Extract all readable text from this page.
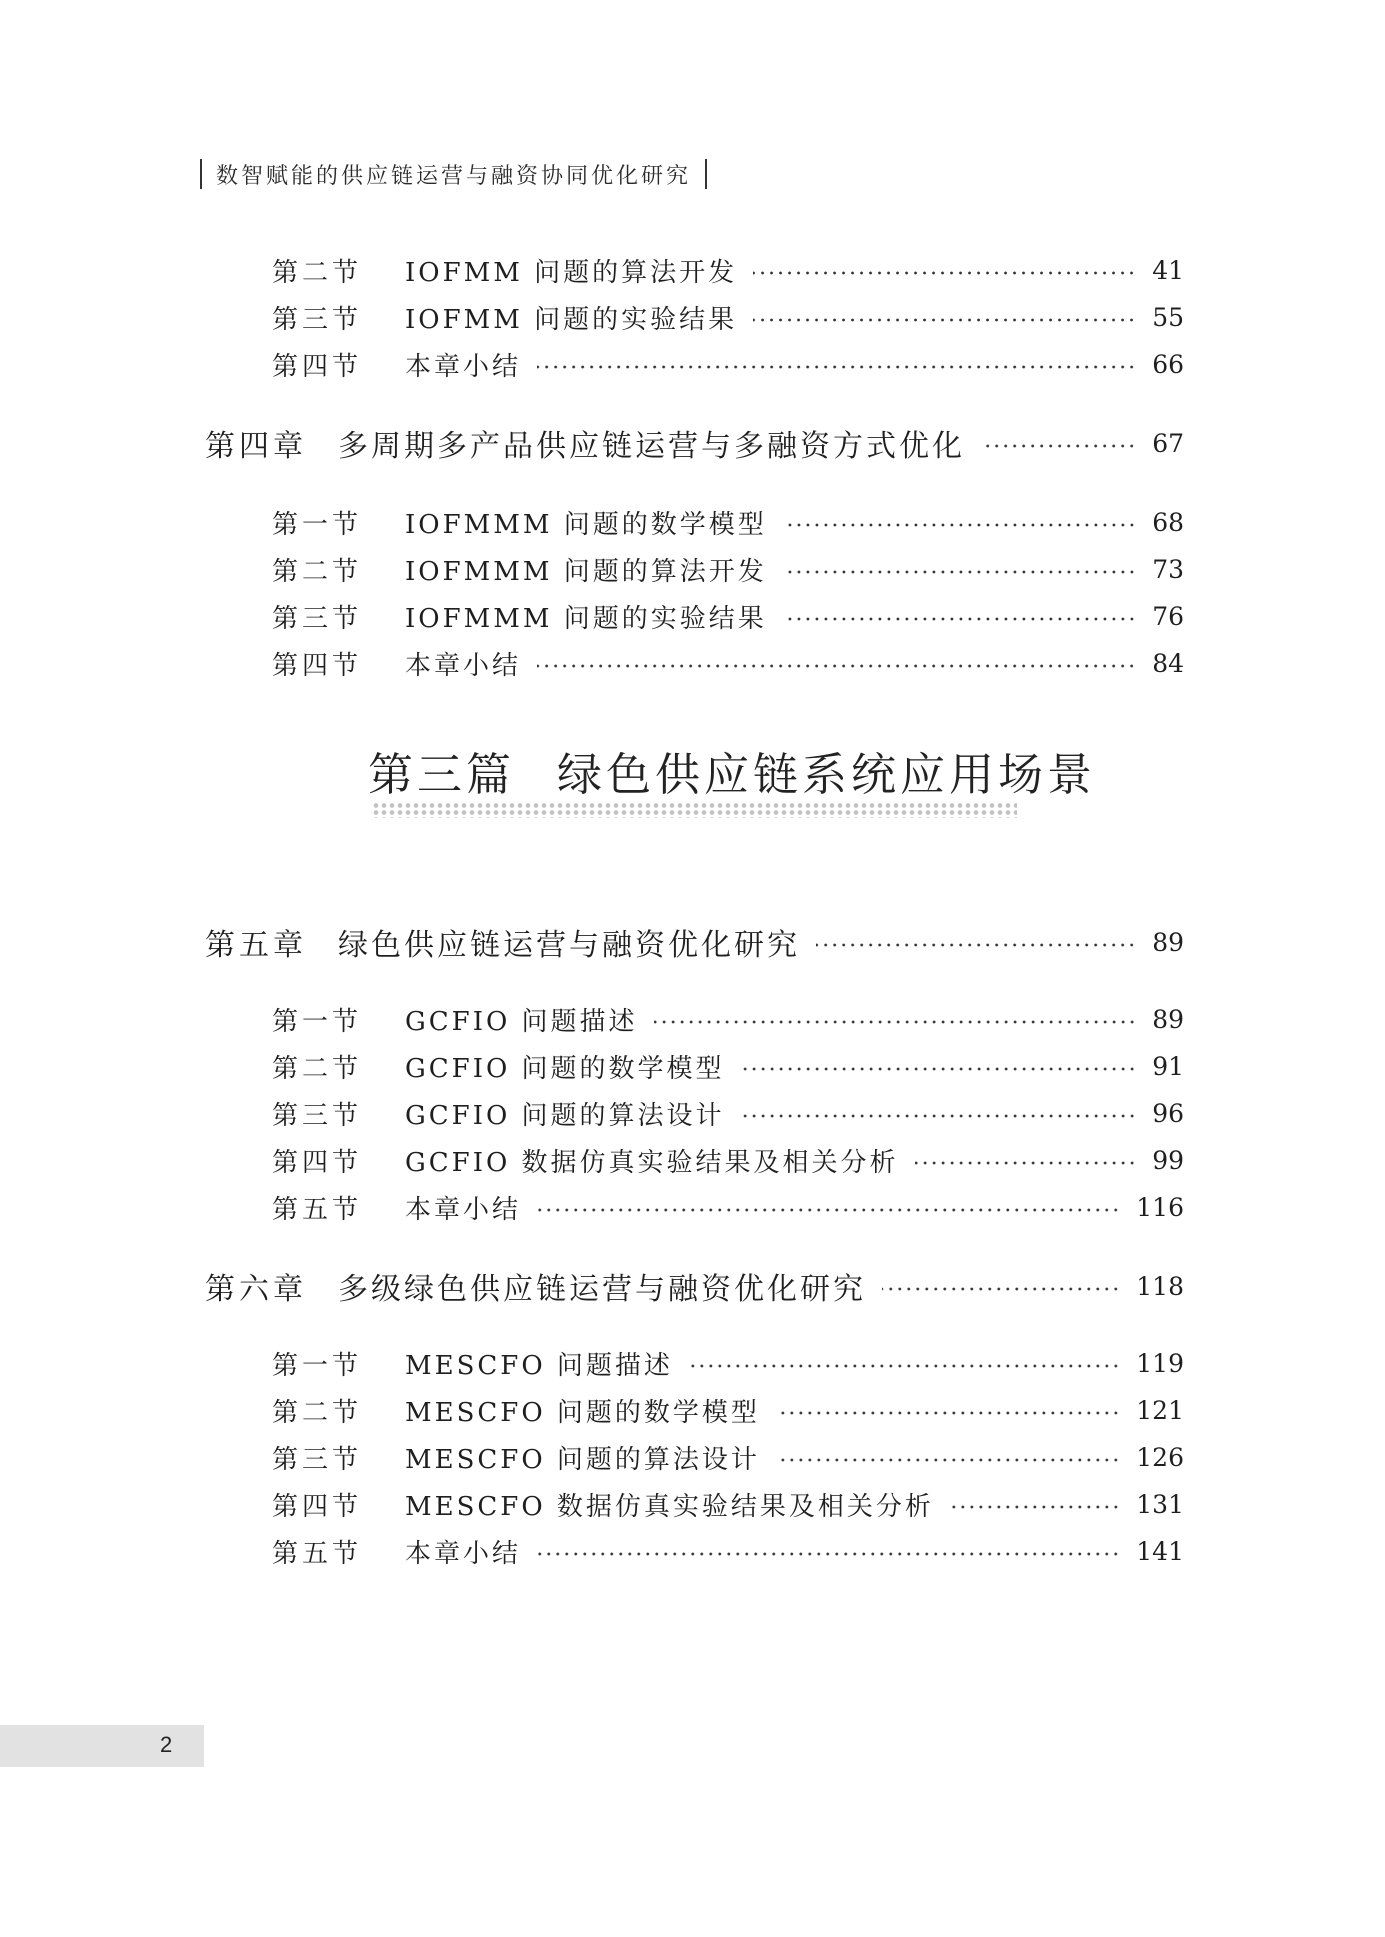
数智赋能的供应链运营与融资协同优化研究
第二节	IOFMM 问题的算法开发	41
第三节	IOFMM 问题的实验结果	55
第四节	本章小结	66
第四章	多周期多产品供应链运营与多融资方式优化	67
第一节	IOFMMM 问题的数学模型	68
第二节	IOFMMM 问题的算法开发	73
第三节	IOFMMM 问题的实验结果	76
第四节	本章小结	84
第三篇 绿色供应链系统应用场景
第五章	绿色供应链运营与融资优化研究	89
第一节	GCFIO 问题描述	89
第二节	GCFIO 问题的数学模型	91
第三节	GCFIO 问题的算法设计	96
第四节	GCFIO 数据仿真实验结果及相关分析	99
第五节	本章小结	116
第六章	多级绿色供应链运营与融资优化研究	118
第一节	MESCFO 问题描述	119
第二节	MESCFO 问题的数学模型	121
第三节	MESCFO 问题的算法设计	126
第四节	MESCFO 数据仿真实验结果及相关分析	131
第五节	本章小结	141
2
